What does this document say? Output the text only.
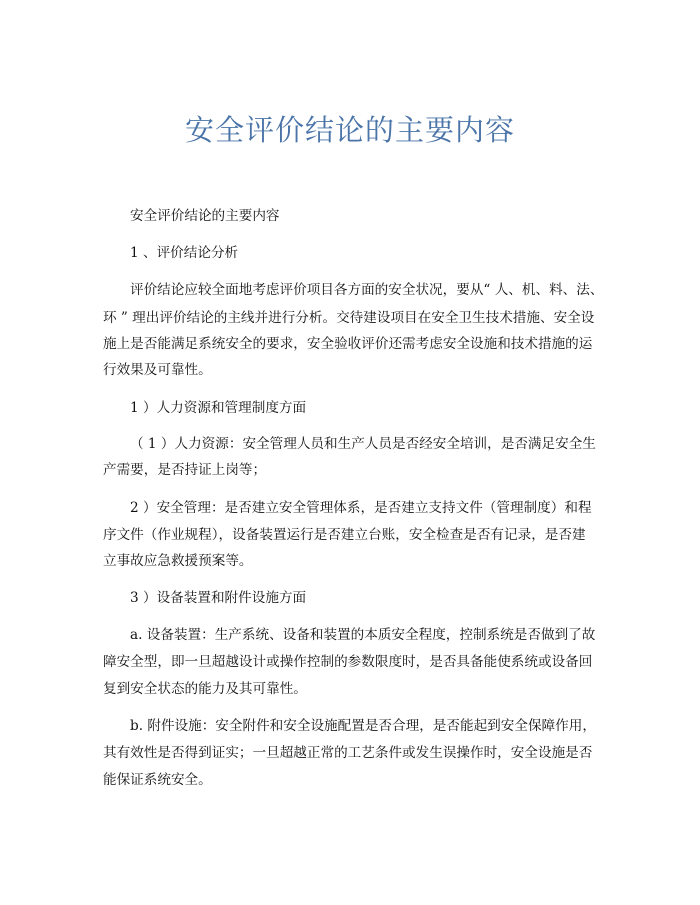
安全评价结论的主要内容

安全评价结论的主要内容

1 、评价结论分析

评价结论应较全面地考虑评价项目各方面的安全状况，要从“ 人、机、料、法、

环 ” 理出评价结论的主线并进行分析。交待建设项目在安全卫生技术措施、安全设

施上是否能满足系统安全的要求，安全验收评价还需考虑安全设施和技术措施的运

行效果及可靠性。

1 ）人力资源和管理制度方面

（ 1 ）人力资源：安全管理人员和生产人员是否经安全培训，是否满足安全生

产需要，是否持证上岗等；

2 ）安全管理：是否建立安全管理体系，是否建立支持文件（管理制度）和程

序文件（作业规程），设备装置运行是否建立台账，安全检查是否有记录，是否建

立事故应急救援预案等。

3 ）设备装置和附件设施方面

a. 设备装置：生产系统、设备和装置的本质安全程度，控制系统是否做到了故

障安全型，即一旦超越设计或操作控制的参数限度时，是否具备能使系统或设备回

复到安全状态的能力及其可靠性。

b. 附件设施：安全附件和安全设施配置是否合理，是否能起到安全保障作用，

其有效性是否得到证实；一旦超越正常的工艺条件或发生误操作时，安全设施是否

能保证系统安全。
